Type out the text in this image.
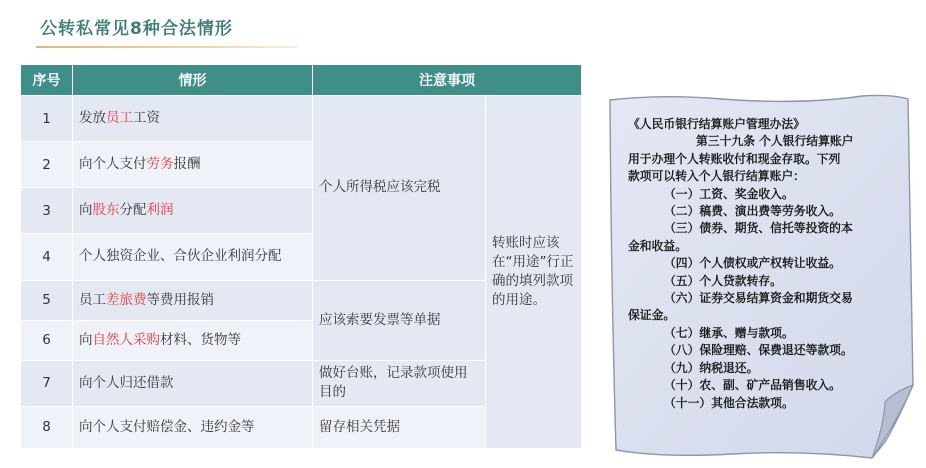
公转私常见8种合法情形
序号	情形	注意事项	
1	发放员工工资	个人所得税应该完税	转账时应该在“用途”行正确的填列款项的用途。
2	向个人支付劳务报酬		
3	向股东分配利润		
4	个人独资企业、合伙企业利润分配		
5	员工差旅费等费用报销	应该索要发票等单据	
6	向自然人采购材料、货物等		
7	向个人归还借款	做好台账，记录款项使用目的	
8	向个人支付赔偿金、违约金等	留存相关凭据	
《人民币银行结算账户管理办法》
第三十九条 个人银行结算账户
用于办理个人转账收付和现金存取。下列
款项可以转入个人银行结算账户：
（一）工资、奖金收入。
（二）稿费、演出费等劳务收入。
（三）债券、期货、信托等投资的本
金和收益。
（四）个人债权或产权转让收益。
（五）个人贷款转存。
（六）证券交易结算资金和期货交易
保证金。
（七）继承、赠与款项。
（八）保险理赔、保费退还等款项。
（九）纳税退还。
（十）农、副、矿产品销售收入。
（十一）其他合法款项。
